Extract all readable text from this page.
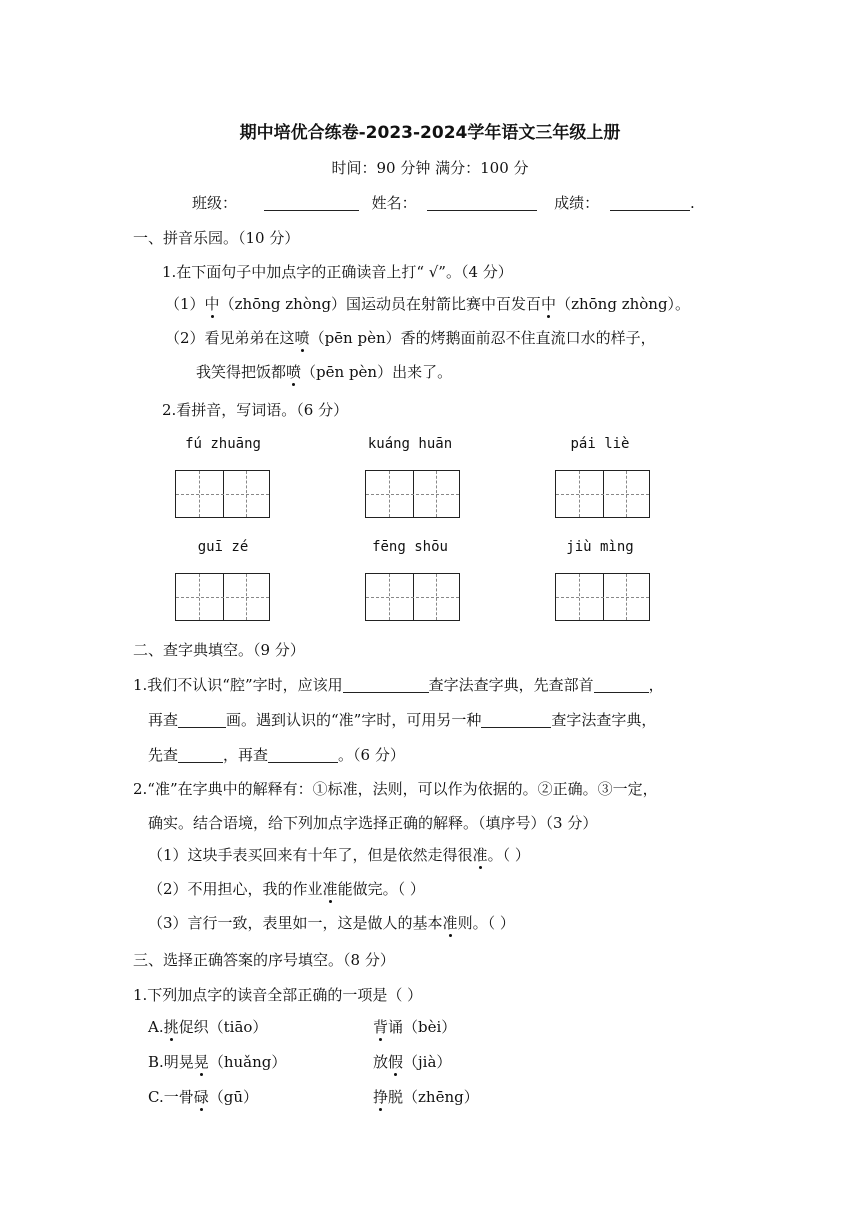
期中培优合练卷-2023-2024学年语文三年级上册
时间：90 分钟 满分：100 分
班级：	姓名：	成绩：	.
一、拼音乐园。（10 分）
1.在下面句子中加点字的正确读音上打“ √”。（4 分）
（1）中（zhōng zhòng）国运动员在射箭比赛中百发百中（zhōng zhòng）。
（2）看见弟弟在这喷（pēn pèn）香的烤鹅面前忍不住直流口水的样子，
我笑得把饭都喷（pēn pèn）出来了。
2.看拼音，写词语。（6 分）
fú zhuāng	kuáng huān	pái liè
guī zé	fēng shōu	jiù mìng
二、查字典填空。（9 分）
1.我们不认识“腔”字时，应该用	查字法查字典，先查部首	，
再查	画。遇到认识的“准”字时，可用另一种	查字法查字典，
先查	，再查	。（6 分）
2.“准”在字典中的解释有：①标准，法则，可以作为依据的。②正确。③一定，
确实。结合语境，给下列加点字选择正确的解释。（填序号）（3 分）
（1）这块手表买回来有十年了，但是依然走得很准。（ ）
（2）不用担心，我的作业准能做完。（ ）
（3）言行一致，表里如一，这是做人的基本准则。（ ）
三、选择正确答案的序号填空。（8 分）
1.下列加点字的读音全部正确的一项是（ ）
A.挑促织（tiāo）	背诵（bèi）
B.明晃晃（huǎng）	放假（jià）
C.一骨碌（gū）	挣脱（zhēng）
